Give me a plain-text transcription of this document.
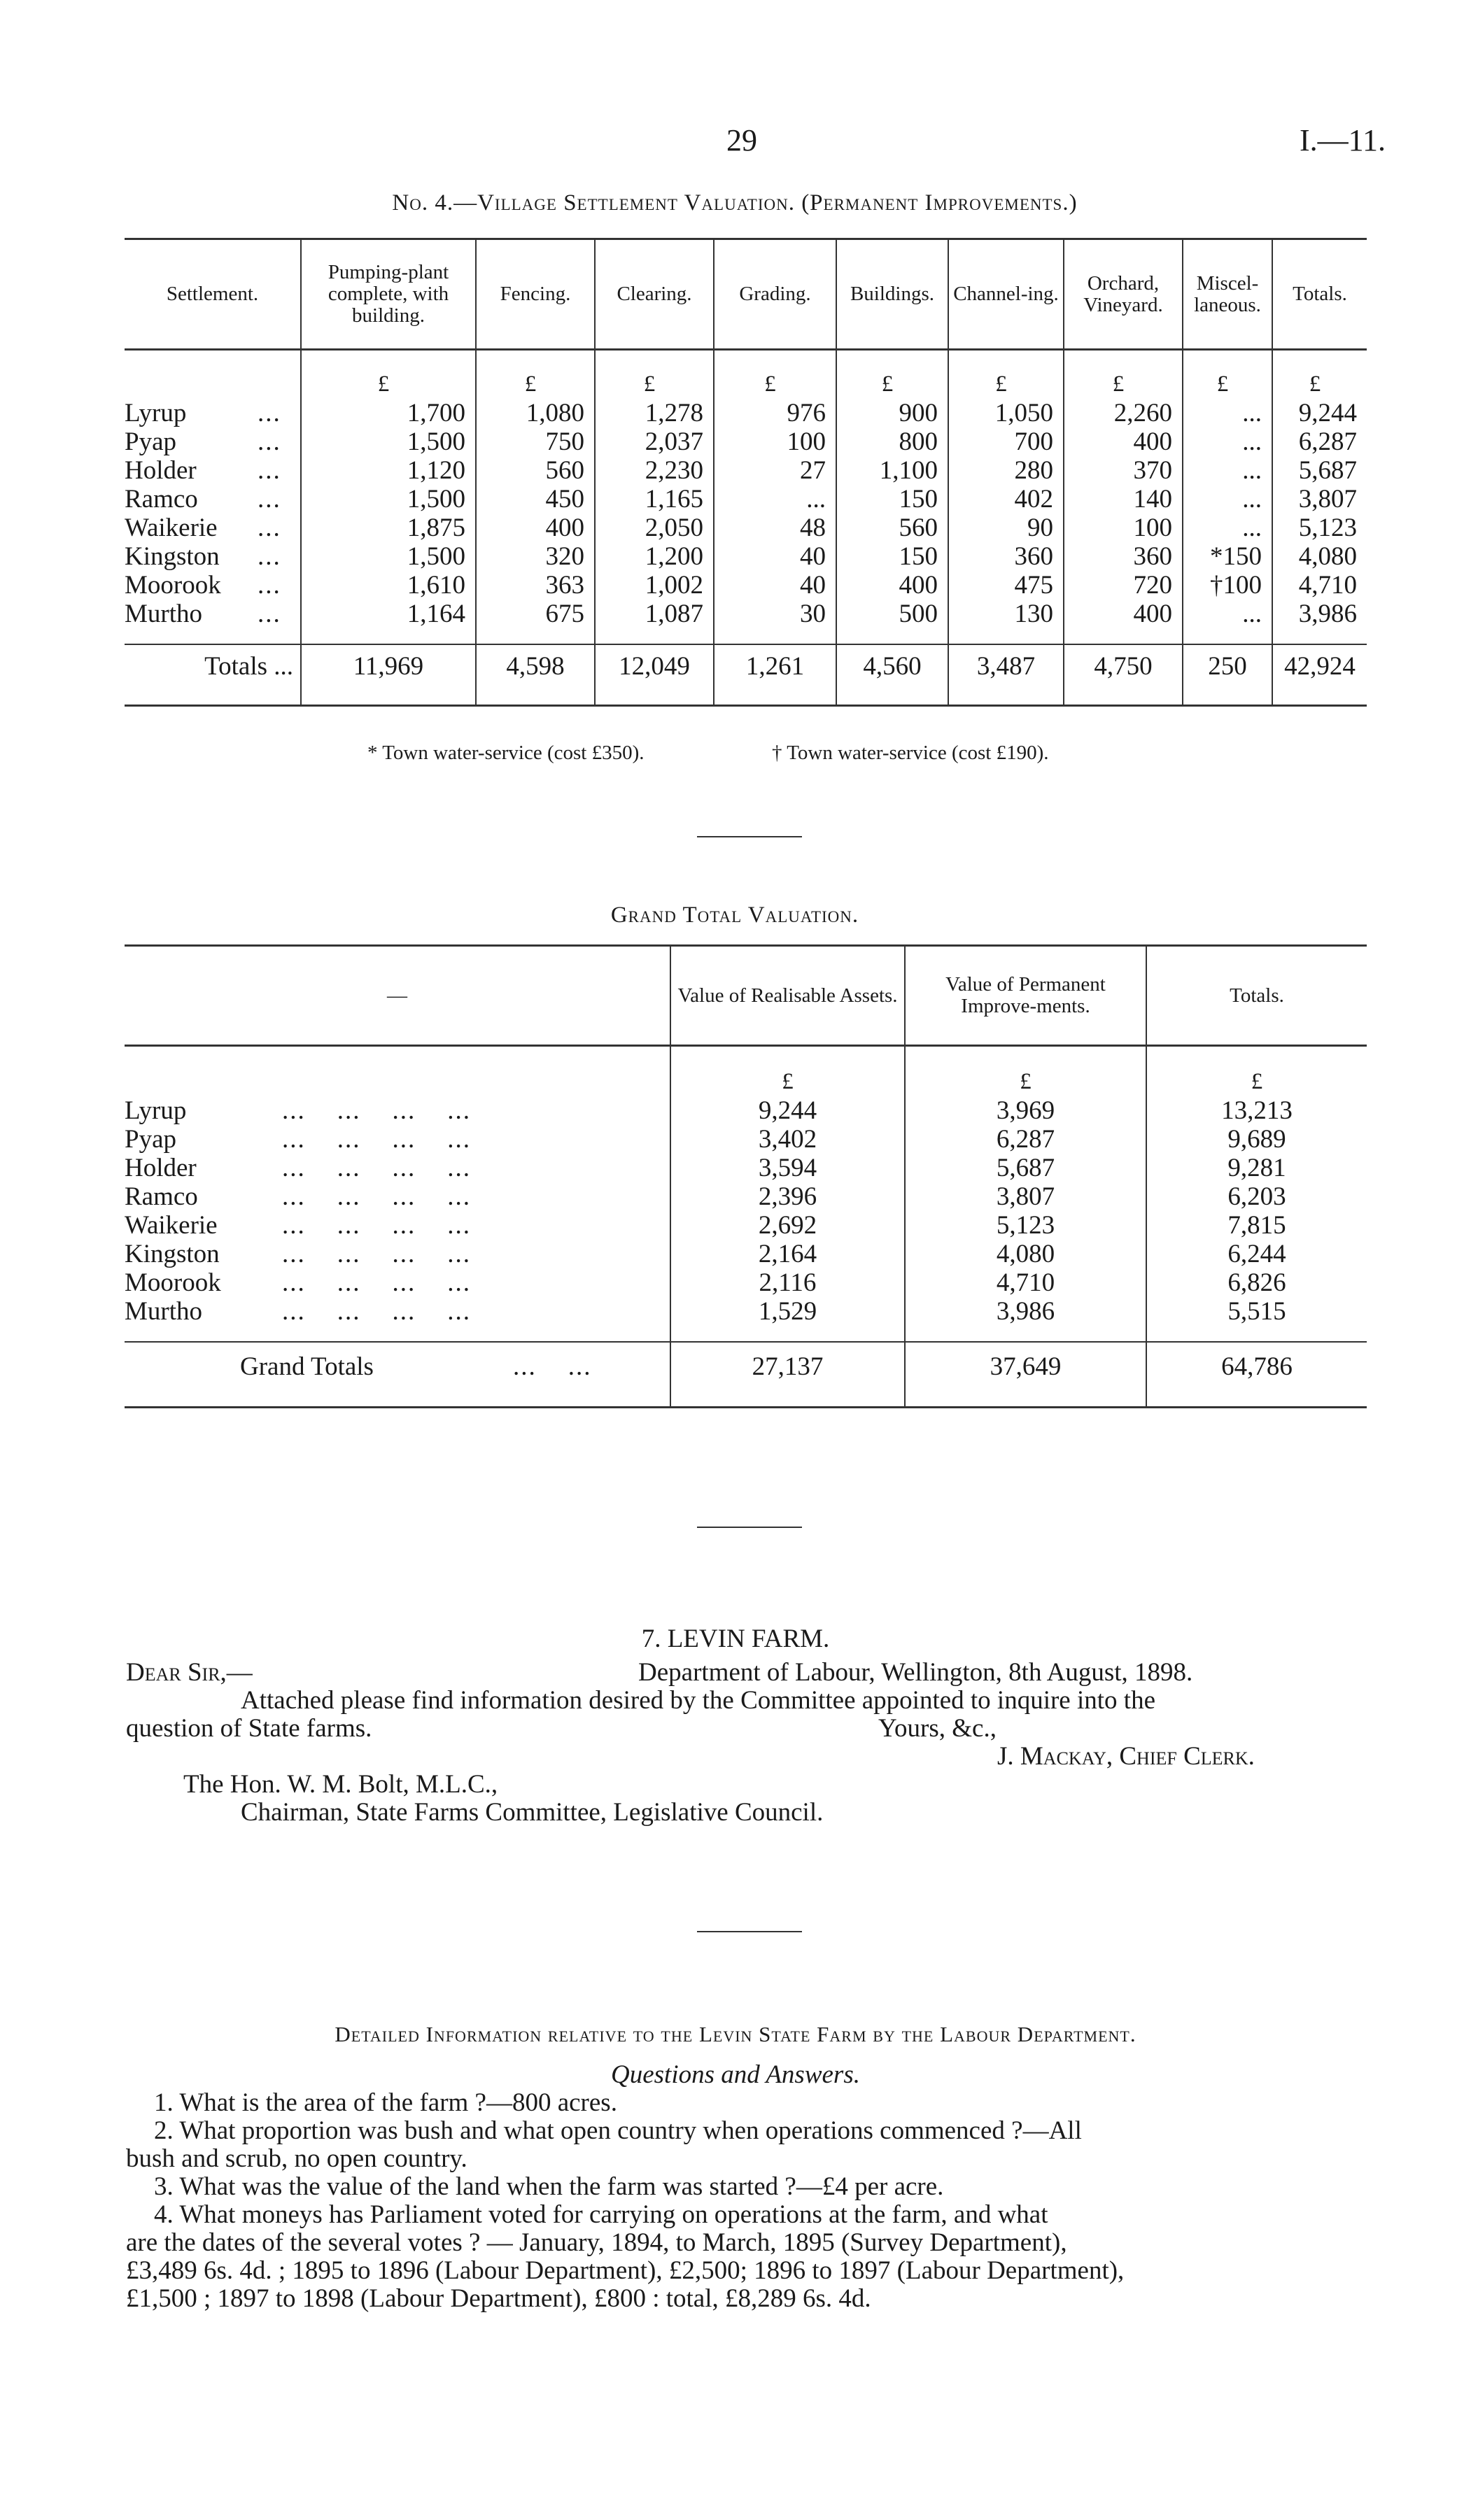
29	I.—11.
No. 4.—Village Settlement Valuation. (Permanent Improvements.)
Settlement.	Pumping-plant complete, with building.	Fencing.	Clearing.	Grading.	Buildings.	Channel-ing.	Orchard, Vineyard.	Miscel-laneous.	Totals.
	£	£	£	£	£	£	£	£	£
Lyrup ...	1,700	1,080	1,278	976	900	1,050	2,260	...	9,244
Pyap ...	1,500	750	2,037	100	800	700	400	...	6,287
Holder ...	1,120	560	2,230	27	1,100	280	370	...	5,687
Ramco ...	1,500	450	1,165	...	150	402	140	...	3,807
Waikerie ...	1,875	400	2,050	48	560	90	100	...	5,123
Kingston ...	1,500	320	1,200	40	150	360	360	*150	4,080
Moorook ...	1,610	363	1,002	40	400	475	720	†100	4,710
Murtho ...	1,164	675	1,087	30	500	130	400	...	3,986
Totals ...	11,969	4,598	12,049	1,261	4,560	3,487	4,750	250	42,924
* Town water-service (cost £350).	† Town water-service (cost £190).
Grand Total Valuation.
—	Value of Realisable Assets.	Value of Permanent Improve-ments.	Totals.
	£	£	£
Lyrup ...    ...    ...    ...	9,244	3,969	13,213
Pyap ...    ...    ...    ...	3,402	6,287	9,689
Holder ...    ...    ...    ...	3,594	5,687	9,281
Ramco ...    ...    ...    ...	2,396	3,807	6,203
Waikerie ...    ...    ...    ...	2,692	5,123	7,815
Kingston ...    ...    ...    ...	2,164	4,080	6,244
Moorook ...    ...    ...    ...	2,116	4,710	6,826
Murtho ...    ...    ...    ...	1,529	3,986	5,515
Grand Totals ...    ...	27,137	37,649	64,786
7. LEVIN FARM.
Dear Sir,—	Department of Labour, Wellington, 8th August, 1898.
Attached please find information desired by the Committee appointed to inquire into the
question of State farms.	Yours, &c.,
J. Mackay, Chief Clerk.
The Hon. W. M. Bolt, M.L.C.,
Chairman, State Farms Committee, Legislative Council.
Detailed Information relative to the Levin State Farm by the Labour Department.
Questions and Answers.
1. What is the area of the farm ?—800 acres.
2. What proportion was bush and what open country when operations commenced ?—All
bush and scrub, no open country.
3. What was the value of the land when the farm was started ?—£4 per acre.
4. What moneys has Parliament voted for carrying on operations at the farm, and what
are the dates of the several votes ? — January, 1894, to March, 1895 (Survey Department),
£3,489 6s. 4d. ; 1895 to 1896 (Labour Department), £2,500; 1896 to 1897 (Labour Department),
£1,500 ; 1897 to 1898 (Labour Department), £800 : total, £8,289 6s. 4d.
